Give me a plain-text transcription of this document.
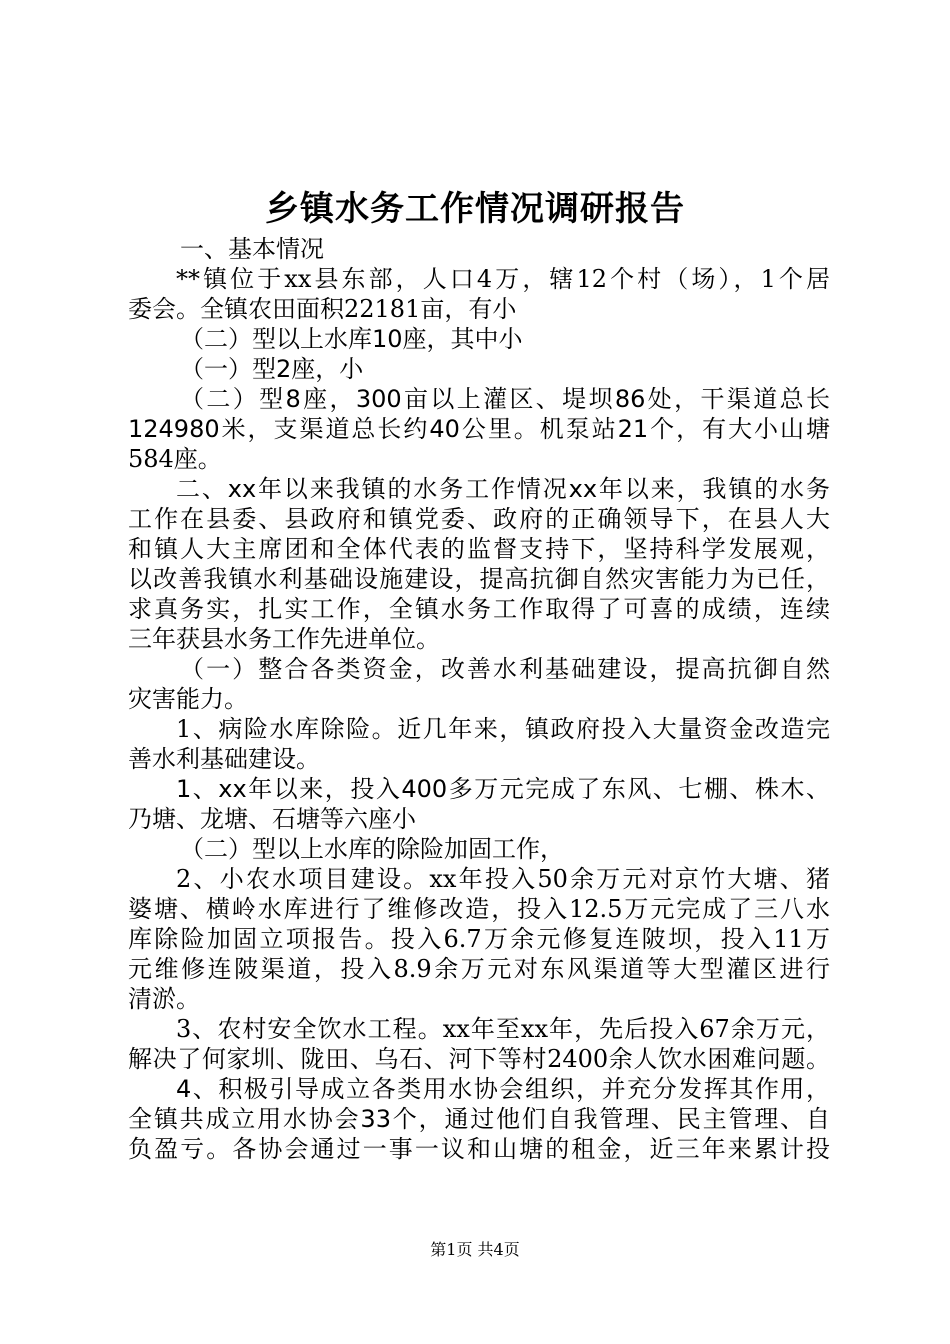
乡镇水务工作情况调研报告
一、基本情况
**镇位于xx县东部，人口4万，辖12个村（场），1个居
委会。全镇农田面积22181亩，有小
（二）型以上水库10座，其中小
（一）型2座，小
（二）型8座，300亩以上灌区、堤坝86处，干渠道总长
124980米，支渠道总长约40公里。机泵站21个，有大小山塘
584座。
二、xx年以来我镇的水务工作情况xx年以来，我镇的水务
工作在县委、县政府和镇党委、政府的正确领导下，在县人大
和镇人大主席团和全体代表的监督支持下，坚持科学发展观，
以改善我镇水利基础设施建设，提高抗御自然灾害能力为已任，
求真务实，扎实工作，全镇水务工作取得了可喜的成绩，连续
三年获县水务工作先进单位。
（一）整合各类资金，改善水利基础建设，提高抗御自然
灾害能力。
1、病险水库除险。近几年来，镇政府投入大量资金改造完
善水利基础建设。
1、xx年以来，投入400多万元完成了东风、七棚、株木、
乃塘、龙塘、石塘等六座小
（二）型以上水库的除险加固工作，
2、小农水项目建设。xx年投入50余万元对京竹大塘、猪
婆塘、横岭水库进行了维修改造，投入12.5万元完成了三八水
库除险加固立项报告。投入6.7万余元修复连陂坝，投入11万
元维修连陂渠道，投入8.9余万元对东风渠道等大型灌区进行
清淤。
3、农村安全饮水工程。xx年至xx年，先后投入67余万元，
解决了何家圳、陇田、乌石、河下等村2400余人饮水困难问题。
4、积极引导成立各类用水协会组织，并充分发挥其作用，
全镇共成立用水协会33个，通过他们自我管理、民主管理、自
负盈亏。各协会通过一事一议和山塘的租金，近三年来累计投
第1页 共4页
